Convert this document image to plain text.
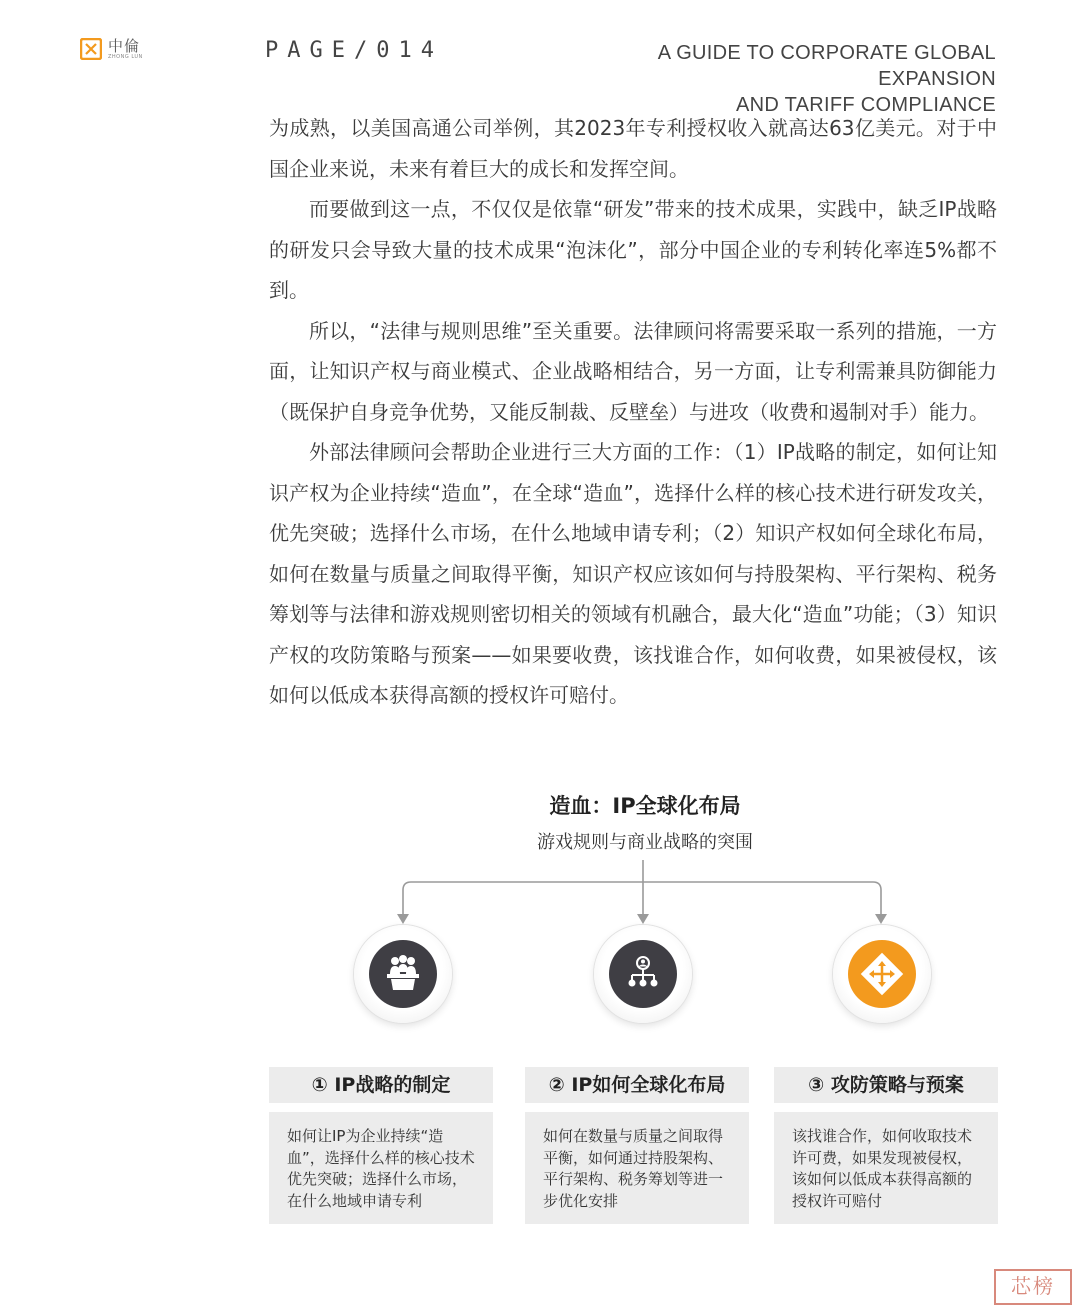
中倫
ZHONG LUN	PAGE/014	A GUIDE TO CORPORATE GLOBAL EXPANSION
AND TARIFF COMPLIANCE

为成熟，以美国高通公司举例，其2023年专利授权收入就高达63亿美元。对于中国企业来说，未来有着巨大的成长和发挥空间。

而要做到这一点，不仅仅是依靠“研发”带来的技术成果，实践中，缺乏IP战略的研发只会导致大量的技术成果“泡沫化”，部分中国企业的专利转化率连5%都不到。

所以，“法律与规则思维”至关重要。法律顾问将需要采取一系列的措施，一方面，让知识产权与商业模式、企业战略相结合，另一方面，让专利需兼具防御能力（既保护自身竞争优势，又能反制裁、反壁垒）与进攻（收费和遏制对手）能力。

外部法律顾问会帮助企业进行三大方面的工作：（1）IP战略的制定，如何让知识产权为企业持续“造血”，在全球“造血”，选择什么样的核心技术进行研发攻关，优先突破；选择什么市场，在什么地域申请专利；（2）知识产权如何全球化布局，如何在数量与质量之间取得平衡，知识产权应该如何与持股架构、平行架构、税务筹划等与法律和游戏规则密切相关的领域有机融合，最大化“造血”功能；（3）知识产权的攻防策略与预案——如果要收费，该找谁合作，如何收费，如果被侵权，该如何以低成本获得高额的授权许可赔付。

造血：IP全球化布局
游戏规则与商业战略的突围
① IP战略的制定	② IP如何全球化布局	③ 攻防策略与预案
如何让IP为企业持续“造血”，选择什么样的核心技术优先突破；选择什么市场，在什么地域申请专利
如何在数量与质量之间取得平衡，如何通过持股架构、平行架构、税务筹划等进一步优化安排
该找谁合作，如何收取技术许可费，如果发现被侵权，该如何以低成本获得高额的授权许可赔付
芯榜
